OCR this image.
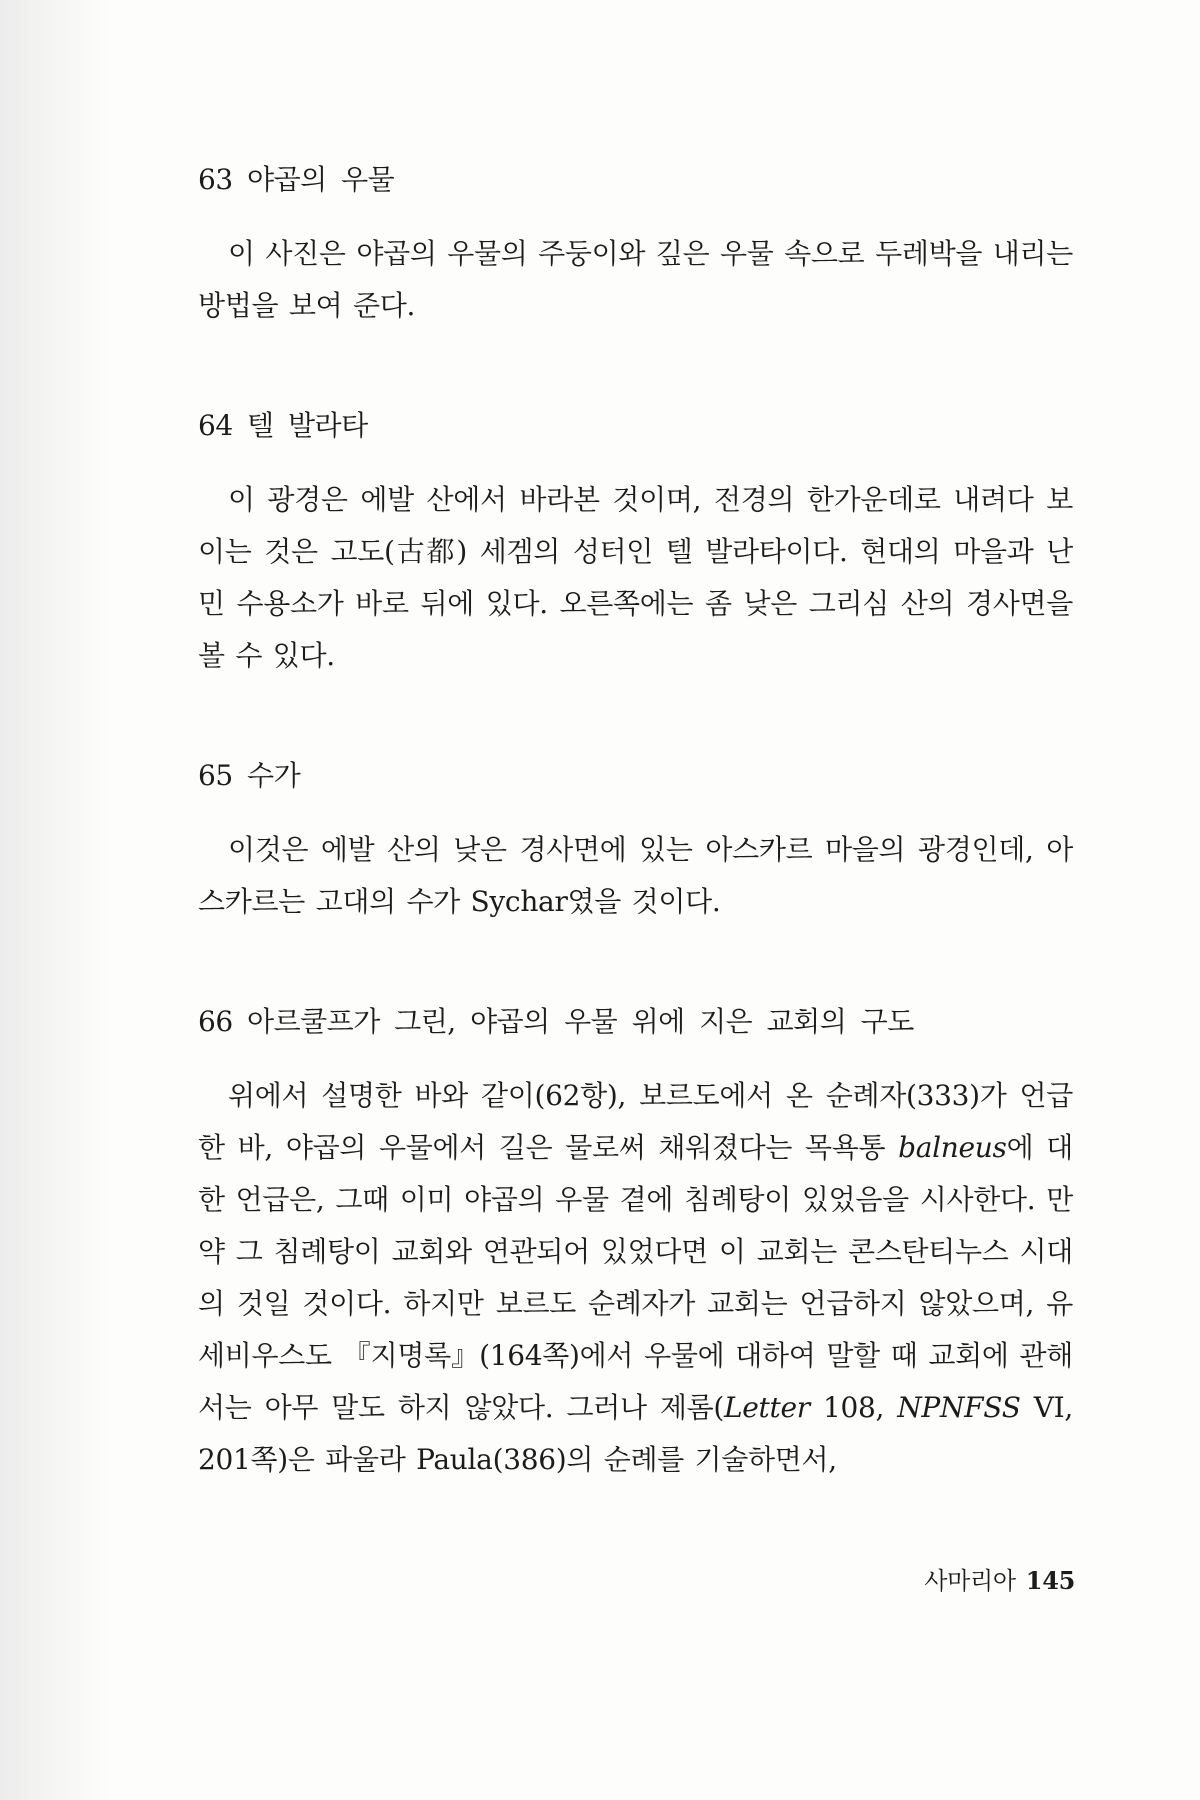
63 야곱의 우물

이 사진은 야곱의 우물의 주둥이와 깊은 우물 속으로 두레박을 내리는 방법을 보여 준다.

64 텔 발라타

이 광경은 에발 산에서 바라본 것이며, 전경의 한가운데로 내려다 보이는 것은 고도(古都) 세겜의 성터인 텔 발라타이다. 현대의 마을과 난민 수용소가 바로 뒤에 있다. 오른쪽에는 좀 낮은 그리심 산의 경사면을 볼 수 있다.

65 수가

이것은 에발 산의 낮은 경사면에 있는 아스카르 마을의 광경인데, 아스카르는 고대의 수가 Sychar였을 것이다.

66 아르쿨프가 그린, 야곱의 우물 위에 지은 교회의 구도

위에서 설명한 바와 같이(62항), 보르도에서 온 순례자(333)가 언급한 바, 야곱의 우물에서 길은 물로써 채워졌다는 목욕통 balneus에 대한 언급은, 그때 이미 야곱의 우물 곁에 침례탕이 있었음을 시사한다. 만약 그 침례탕이 교회와 연관되어 있었다면 이 교회는 콘스탄티누스 시대의 것일 것이다. 하지만 보르도 순례자가 교회는 언급하지 않았으며, 유세비우스도 『지명록』(164쪽)에서 우물에 대하여 말할 때 교회에 관해서는 아무 말도 하지 않았다. 그러나 제롬(Letter 108, NPNFSS VI, 201쪽)은 파울라 Paula(386)의 순례를 기술하면서,

사마리아 145
